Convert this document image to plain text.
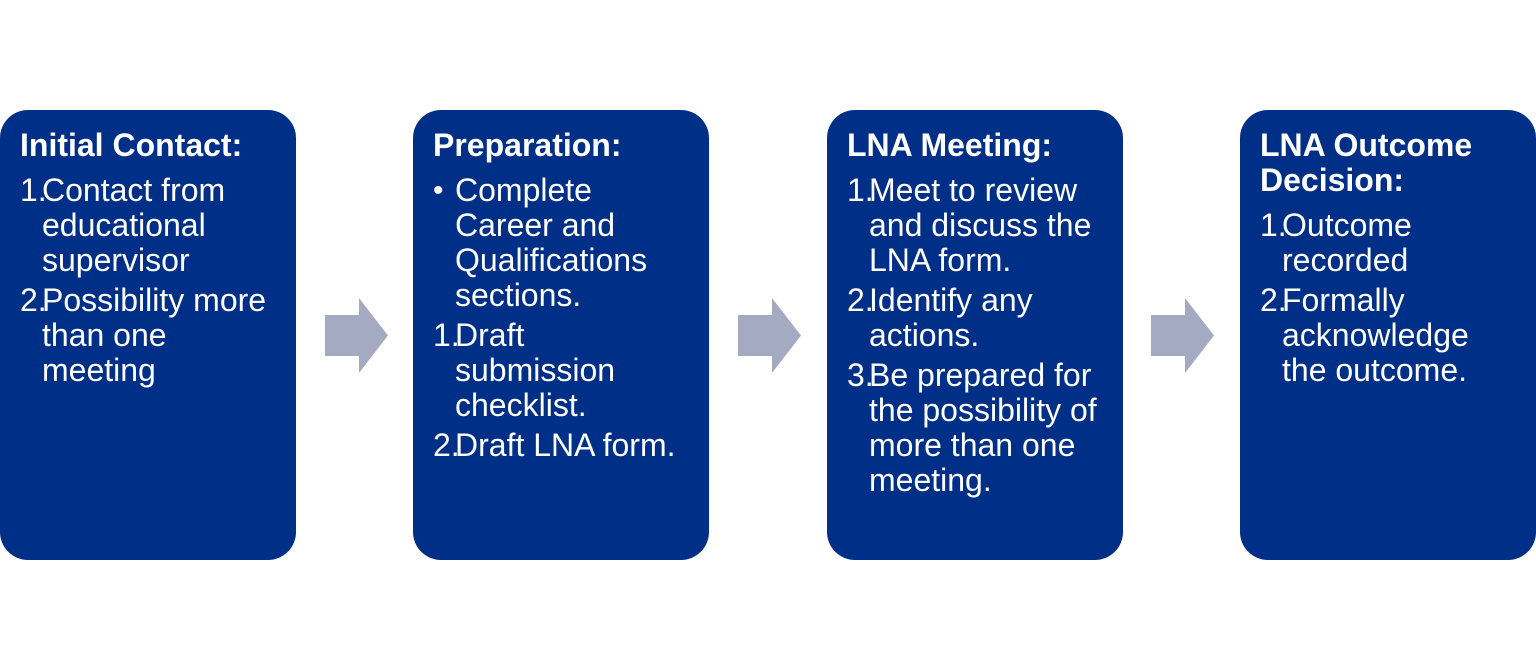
Initial Contact:
1.
Contact from educational supervisor
2.
Possibility more than one meeting
Preparation:
• Complete Career and Qualifications sections.
1.
Draft submission checklist.
2.
Draft LNA form.
LNA Meeting:
1.
Meet to review and discuss the LNA form.
2.
Identify any actions.
3.
Be prepared for the possibility of more than one meeting.
LNA Outcome Decision:
1.
Outcome recorded
2.
Formally acknowledge the outcome.
